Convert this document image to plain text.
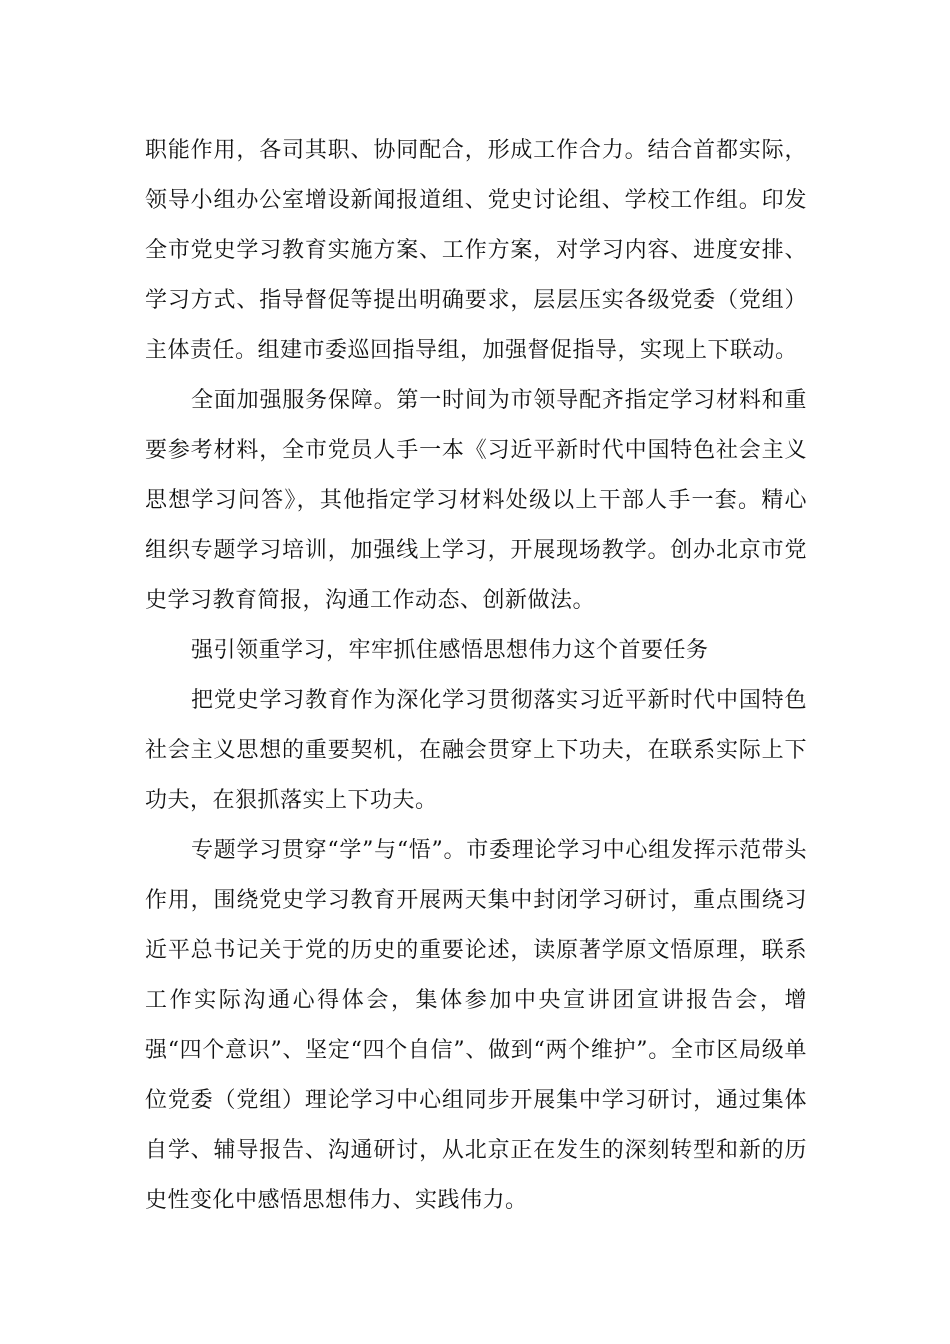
职能作用，各司其职、协同配合，形成工作合力。结合首都实际，领导小组办公室增设新闻报道组、党史讨论组、学校工作组。印发全市党史学习教育实施方案、工作方案，对学习内容、进度安排、学习方式、指导督促等提出明确要求，层层压实各级党委（党组）主体责任。组建市委巡回指导组，加强督促指导，实现上下联动。

全面加强服务保障。第一时间为市领导配齐指定学习材料和重要参考材料，全市党员人手一本《习近平新时代中国特色社会主义思想学习问答》，其他指定学习材料处级以上干部人手一套。精心组织专题学习培训，加强线上学习，开展现场教学。创办北京市党史学习教育简报，沟通工作动态、创新做法。

强引领重学习，牢牢抓住感悟思想伟力这个首要任务

把党史学习教育作为深化学习贯彻落实习近平新时代中国特色社会主义思想的重要契机，在融会贯穿上下功夫，在联系实际上下功夫，在狠抓落实上下功夫。

专题学习贯穿“学”与“悟”。市委理论学习中心组发挥示范带头作用，围绕党史学习教育开展两天集中封闭学习研讨，重点围绕习近平总书记关于党的历史的重要论述，读原著学原文悟原理，联系工作实际沟通心得体会，集体参加中央宣讲团宣讲报告会，增强“四个意识”、坚定“四个自信”、做到“两个维护”。全市区局级单位党委（党组）理论学习中心组同步开展集中学习研讨，通过集体自学、辅导报告、沟通研讨，从北京正在发生的深刻转型和新的历史性变化中感悟思想伟力、实践伟力。
